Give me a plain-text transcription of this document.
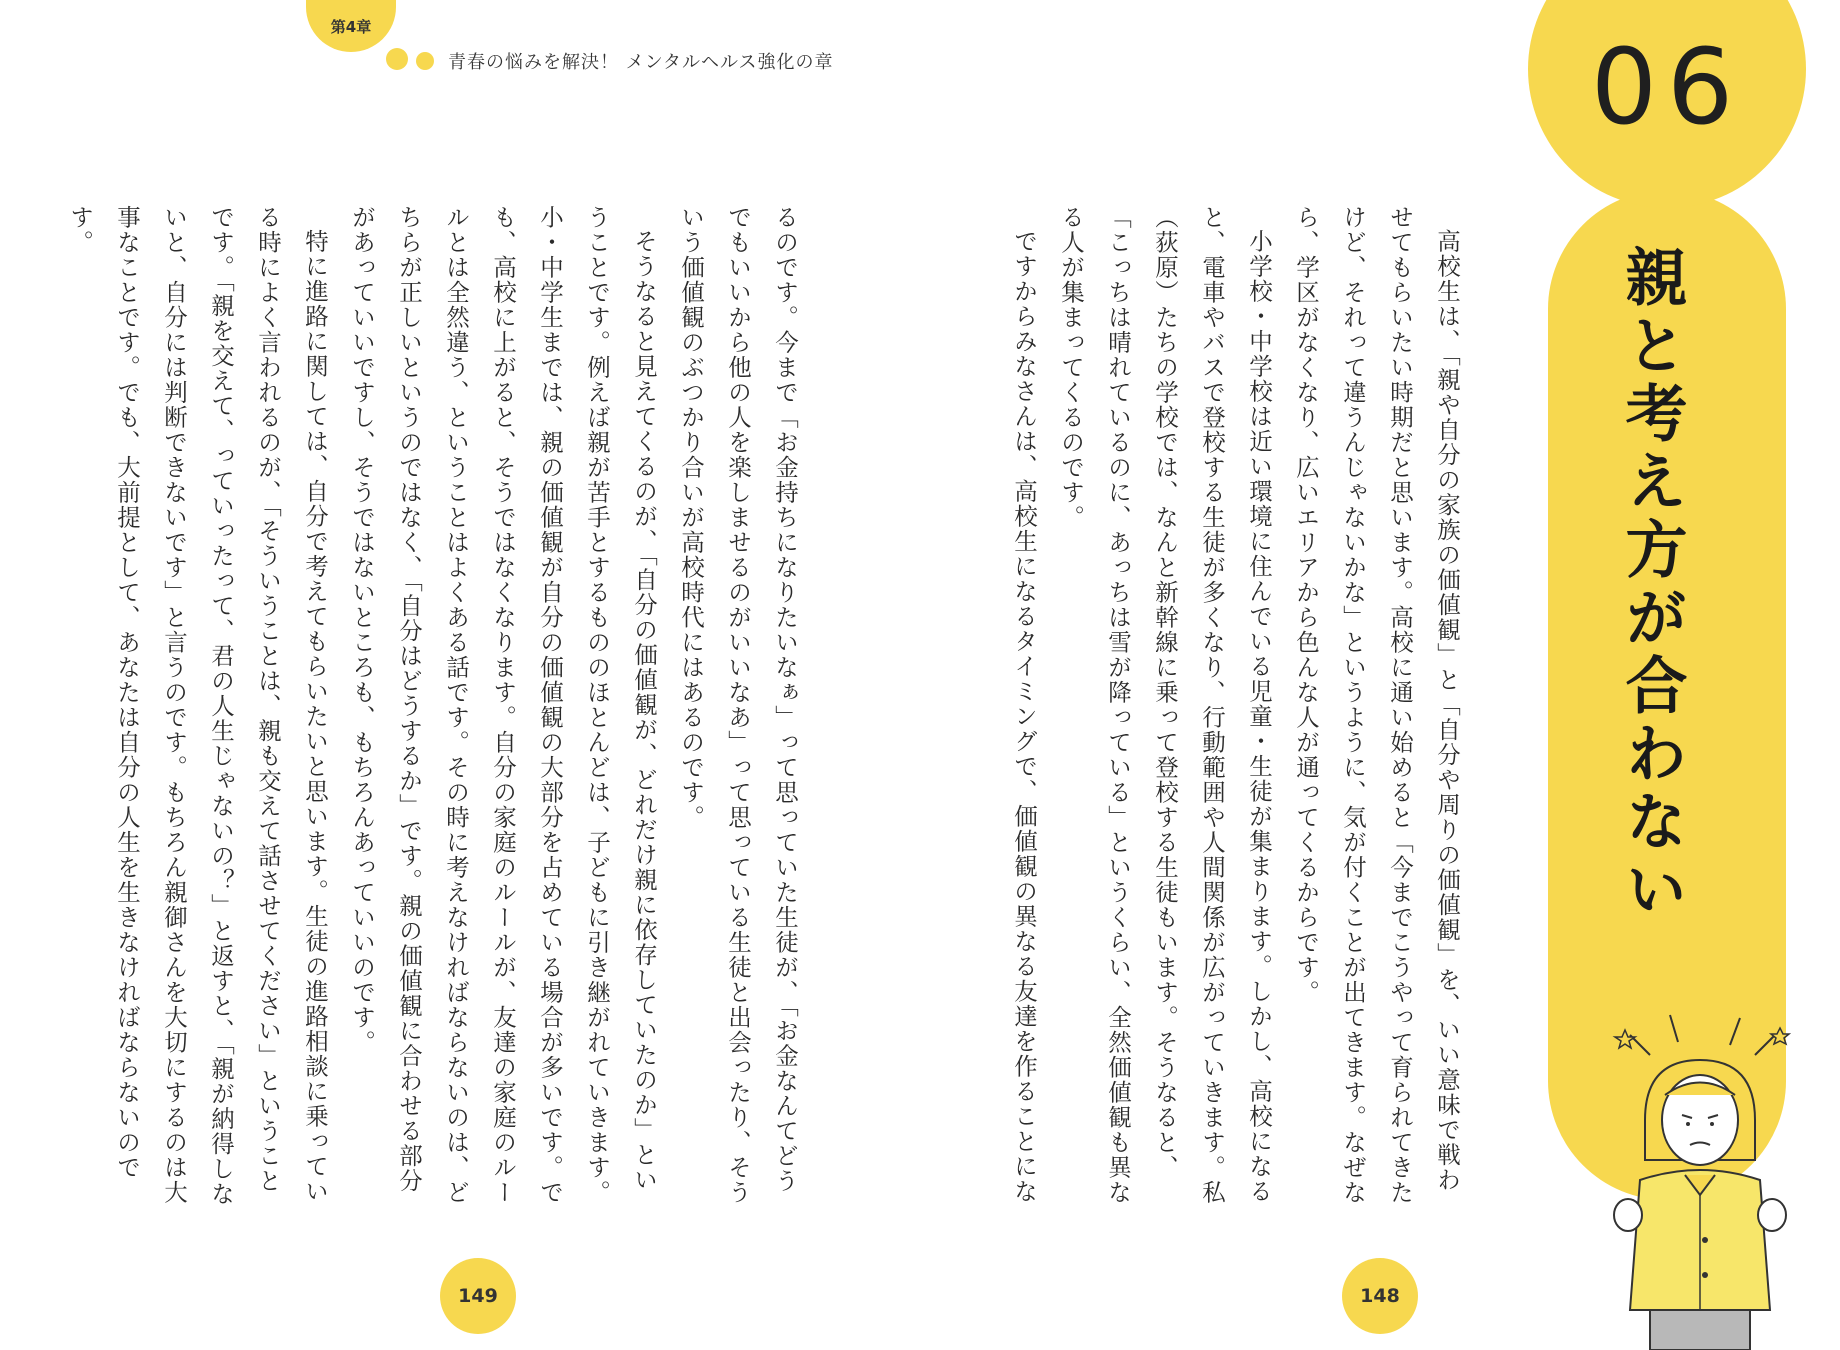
第4章
青春の悩みを解決！ メンタルヘルス強化の章

るのです。今まで「お金持ちになりたいなぁ」って思っていた生徒が、「お金なんてどうでもいいから他の人を楽しませるのがいいなあ」って思っている生徒と出会ったり、そういう価値観のぶつかり合いが高校時代にはあるのです。

そうなると見えてくるのが、「自分の価値観が、どれだけ親に依存していたのか」ということです。例えば親が苦手とするもののほとんどは、子どもに引き継がれていきます。小・中学生までは、親の価値観が自分の価値観の大部分を占めている場合が多いです。でも、高校に上がると、そうではなくなります。自分の家庭のルールが、友達の家庭のルールとは全然違う、ということはよくある話です。その時に考えなければならないのは、どちらが正しいというのではなく、「自分はどうするか」です。親の価値観に合わせる部分があっていいですし、そうではないところも、もちろんあっていいのです。

特に進路に関しては、自分で考えてもらいたいと思います。生徒の進路相談に乗っている時によく言われるのが、「そういうことは、親も交えて話させてください」ということです。「親を交えて、っていったって、君の人生じゃないの？」と返すと、「親が納得しないと、自分には判断できないです」と言うのです。もちろん親御さんを大切にするのは大事なことです。でも、大前提として、あなたは自分の人生を生きなければならないのです。

149
06
親と考え方が合わない

高校生は、「親や自分の家族の価値観」と「自分や周りの価値観」を、いい意味で戦わせてもらいたい時期だと思います。高校に通い始めると「今までこうやって育られてきたけど、それって違うんじゃないかな」というように、気が付くことが出てきます。なぜなら、学区がなくなり、広いエリアから色んな人が通ってくるからです。

小学校・中学校は近い環境に住んでいる児童・生徒が集まります。しかし、高校になると、電車やバスで登校する生徒が多くなり、行動範囲や人間関係が広がっていきます。私（荻原）たちの学校では、なんと新幹線に乗って登校する生徒もいます。そうなると、「こっちは晴れているのに、あっちは雪が降っている」というくらい、全然価値観も異なる人が集まってくるのです。

ですからみなさんは、高校生になるタイミングで、価値観の異なる友達を作ることにな

148
